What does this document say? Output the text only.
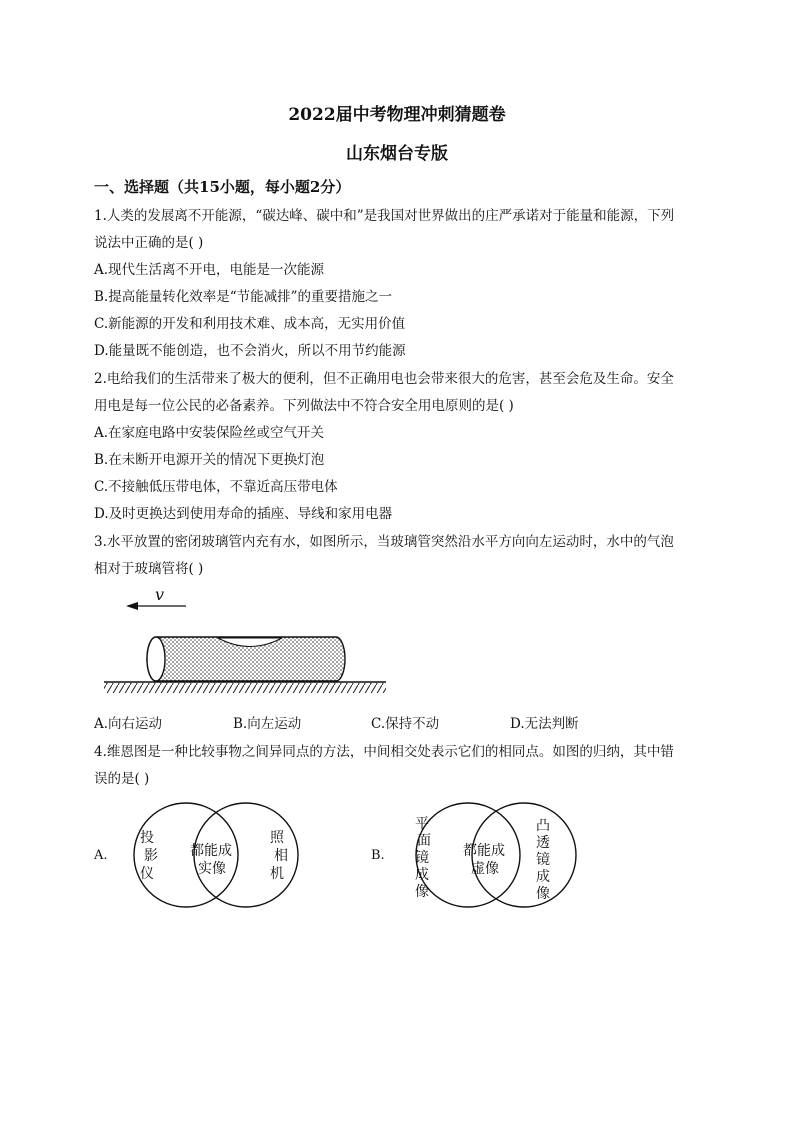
2022届中考物理冲刺猜题卷
山东烟台专版
一、选择题（共15小题，每小题2分）
1.人类的发展离不开能源，“碳达峰、碳中和”是我国对世界做出的庄严承诺对于能量和能源，下列
说法中正确的是( )
A.现代生活离不开电，电能是一次能源
B.提高能量转化效率是“节能减排”的重要措施之一
C.新能源的开发和利用技术难、成本高，无实用价值
D.能量既不能创造，也不会消火，所以不用节约能源
2.电给我们的生活带来了极大的便利，但不正确用电也会带来很大的危害，甚至会危及生命。安全
用电是每一位公民的必备素养。下列做法中不符合安全用电原则的是( )
A.在家庭电路中安装保险丝或空气开关
B.在未断开电源开关的情况下更换灯泡
C.不接触低压带电体，不靠近高压带电体
D.及时更换达到使用寿命的插座、导线和家用电器
3.水平放置的密闭玻璃管内充有水，如图所示，当玻璃管突然沿水平方向向左运动时，水中的气泡
相对于玻璃管将( )
v
A.向右运动	B.向左运动	C.保持不动	D.无法判断
4.维恩图是一种比较事物之间异同点的方法，中间相交处表示它们的相同点。如图的归纳，其中错
误的是( )
A.
投
影
仪
都能成
实像
照
相
机
B.
平
面
镜
成
像
都能成
虚像
凸
透
镜
成
像
